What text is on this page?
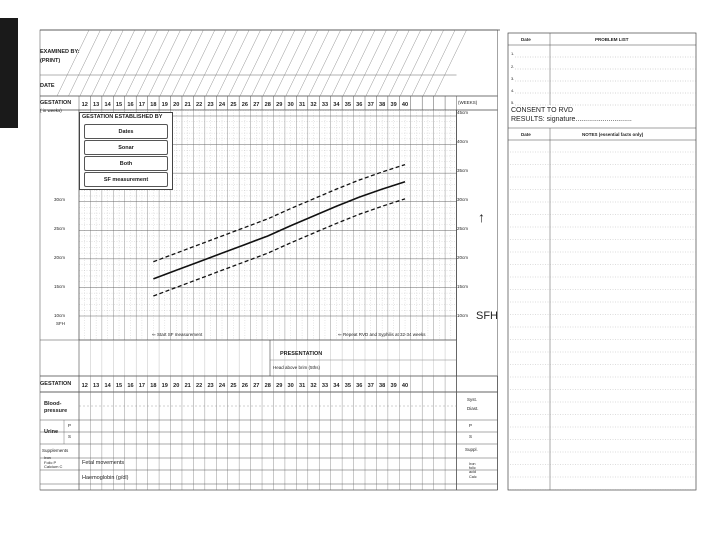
12 13 14 15 16 17 18 19 20 21 22 23 24 25 26 27 28 29 30 31 32 33 34 35 36 37 38 39 40
12 13 14 15 16 17 18 19 20 21 22 23 24 25 26 27 28 29 30 31 32 33 34 35 36 37 38 39 40
EXAMINED BY:
(PRINT)
DATE
GESTATION
( in weeks)
(WEEKS)
GESTATION ESTABLISHED BY
Dates
Sonar
Both
SF measurement
30cm
25cm
20cm
15cm
10cm
SFH
45cm
40cm
35cm
30cm
25cm
20cm
15cm
10cm SFH
↑
⇐ Start SF measurement	⇐ Repeat RVD and Syphilis at 32-34 weeks
PRESENTATION
Head above brim (5ths)
GESTATION
Blood-
pressure
Syst.
Diast.
Urine
P
S
P
S
Supplements
Iron
Folic P
Calcium C
Suppl.
Fetal movements
Haemoglobin (g/dl)
Iron
folic
acid
Calc
Date	PROBLEM LIST
1.
2.
3.
4.
5.
CONSENT TO RVD
RESULTS: signature.............................
Date	NOTES (essential facts only)
